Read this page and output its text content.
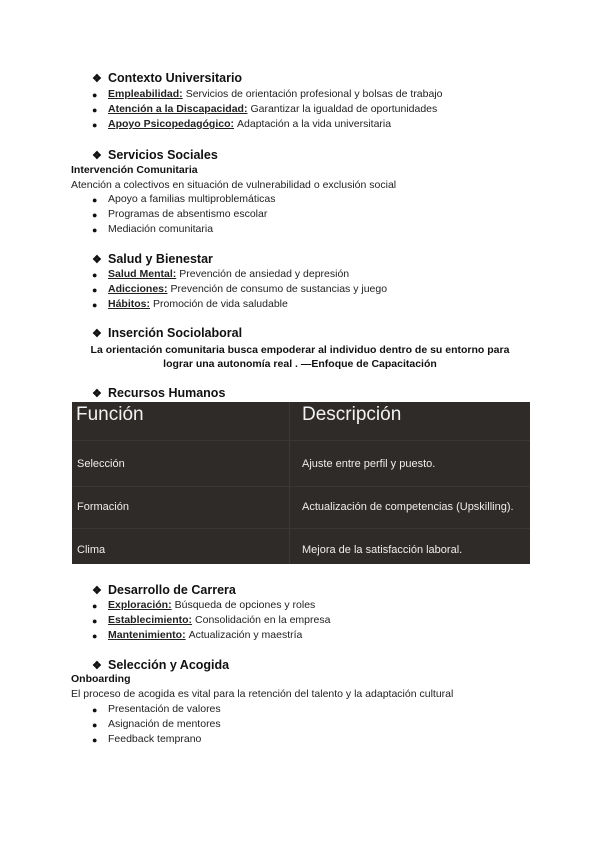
❖ Contexto Universitario
● Empleabilidad: Servicios de orientación profesional y bolsas de trabajo
● Atención a la Discapacidad: Garantizar la igualdad de oportunidades
● Apoyo Psicopedagógico: Adaptación a la vida universitaria
❖ Servicios Sociales
Intervención Comunitaria
Atención a colectivos en situación de vulnerabilidad o exclusión social
● Apoyo a familias multiproblemáticas
● Programas de absentismo escolar
● Mediación comunitaria
❖ Salud y Bienestar
● Salud Mental: Prevención de ansiedad y depresión
● Adicciones: Prevención de consumo de sustancias y juego
● Hábitos: Promoción de vida saludable
❖ Inserción Sociolaboral
La orientación comunitaria busca empoderar al individuo dentro de su entorno para
lograr una autonomía real . —Enfoque de Capacitación
❖ Recursos Humanos
Función	Descripción
Selección	Ajuste entre perfil y puesto.
Formación	Actualización de competencias (Upskilling).
Clima	Mejora de la satisfacción laboral.
❖ Desarrollo de Carrera
● Exploración: Búsqueda de opciones y roles
● Establecimiento: Consolidación en la empresa
● Mantenimiento: Actualización y maestría
❖ Selección y Acogida
Onboarding
El proceso de acogida es vital para la retención del talento y la adaptación cultural
● Presentación de valores
● Asignación de mentores
● Feedback temprano
